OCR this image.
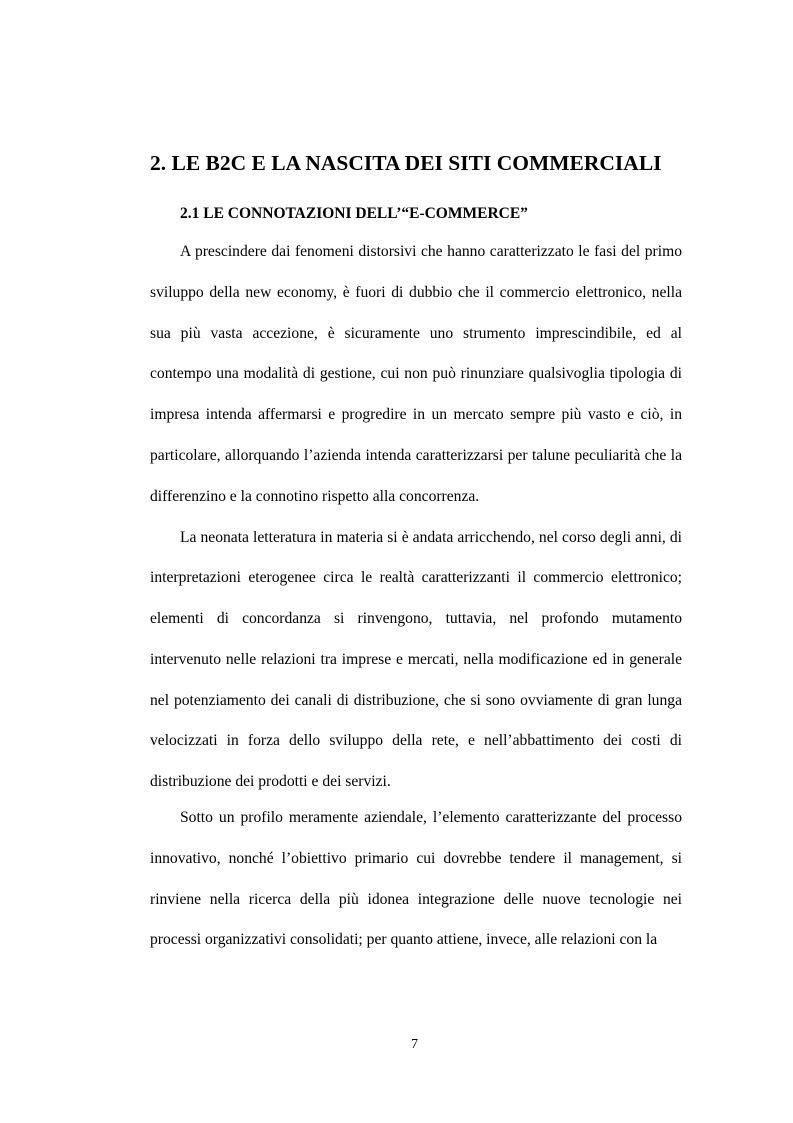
2. LE B2C E LA NASCITA DEI SITI COMMERCIALI
2.1 LE CONNOTAZIONI DELL’“E-COMMERCE”

A prescindere dai fenomeni distorsivi che hanno caratterizzato le fasi del primo sviluppo della new economy, è fuori di dubbio che il commercio elettronico, nella sua più vasta accezione, è sicuramente uno strumento imprescindibile, ed al contempo una modalità di gestione, cui non può rinunziare qualsivoglia tipologia di impresa intenda affermarsi e progredire in un mercato sempre più vasto e ciò, in particolare, allorquando l’azienda intenda caratterizzarsi per talune peculiarità che la differenzino e la connotino rispetto alla concorrenza.

La neonata letteratura in materia si è andata arricchendo, nel corso degli anni, di interpretazioni eterogenee circa le realtà caratterizzanti il commercio elettronico; elementi di concordanza si rinvengono, tuttavia, nel profondo mutamento intervenuto nelle relazioni tra imprese e mercati, nella modificazione ed in generale nel potenziamento dei canali di distribuzione, che si sono ovviamente di gran lunga velocizzati in forza dello sviluppo della rete, e nell’abbattimento dei costi di distribuzione dei prodotti e dei servizi.

Sotto un profilo meramente aziendale, l’elemento caratterizzante del processo innovativo, nonché l’obiettivo primario cui dovrebbe tendere il management, si rinviene nella ricerca della più idonea integrazione delle nuove tecnologie nei processi organizzativi consolidati; per quanto attiene, invece, alle relazioni con la

7
